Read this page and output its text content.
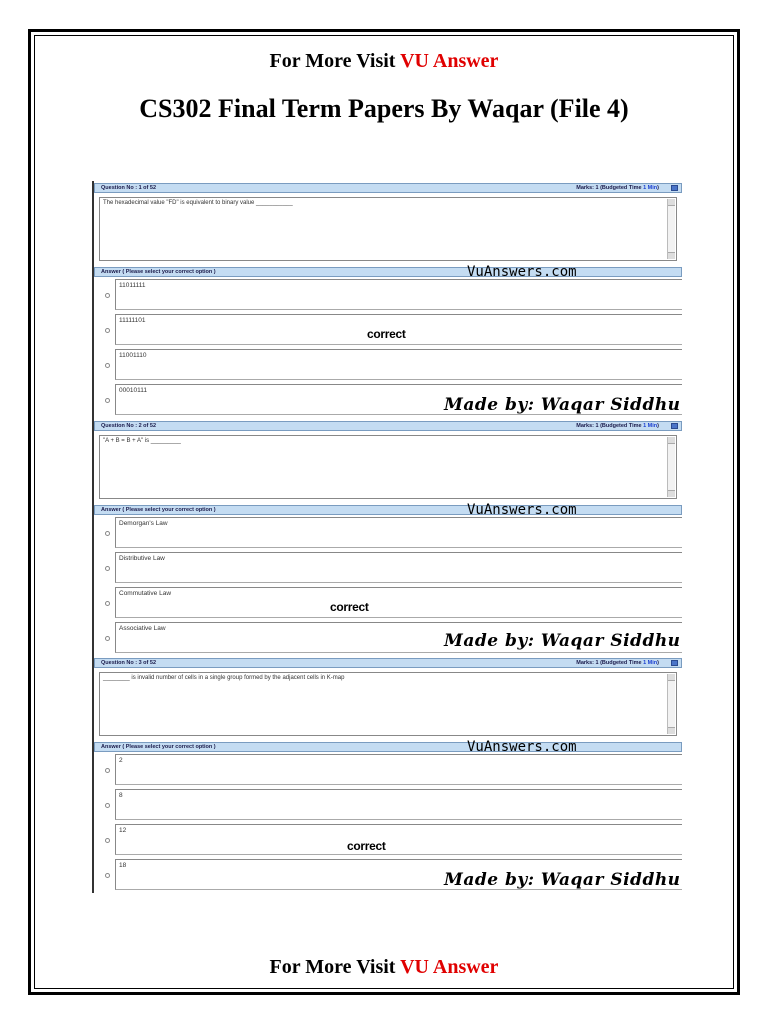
For More Visit VU Answer
CS302 Final Term Papers By Waqar (File 4)
Question No : 1 of 52	Marks: 1 (Budgeted Time 1 Min)
The hexadecimal value "FD" is equivalent to binary value ___________
Answer ( Please select your correct option )	VuAnswers.com
11011111
11111101
11001110
00010111
correct
Made by: Waqar Siddhu
Question No : 2 of 52	Marks: 1 (Budgeted Time 1 Min)
"A + B = B + A" is _________
Answer ( Please select your correct option )	VuAnswers.com
Demorgan's Law
Distributive Law
Commutative Law
Associative Law
correct
Made by: Waqar Siddhu
Question No : 3 of 52	Marks: 1 (Budgeted Time 1 Min)
________ is invalid number of cells in a single group formed by the adjacent cells in K-map
Answer ( Please select your correct option )	VuAnswers.com
2
8
12
18
correct
Made by: Waqar Siddhu
For More Visit VU Answer
